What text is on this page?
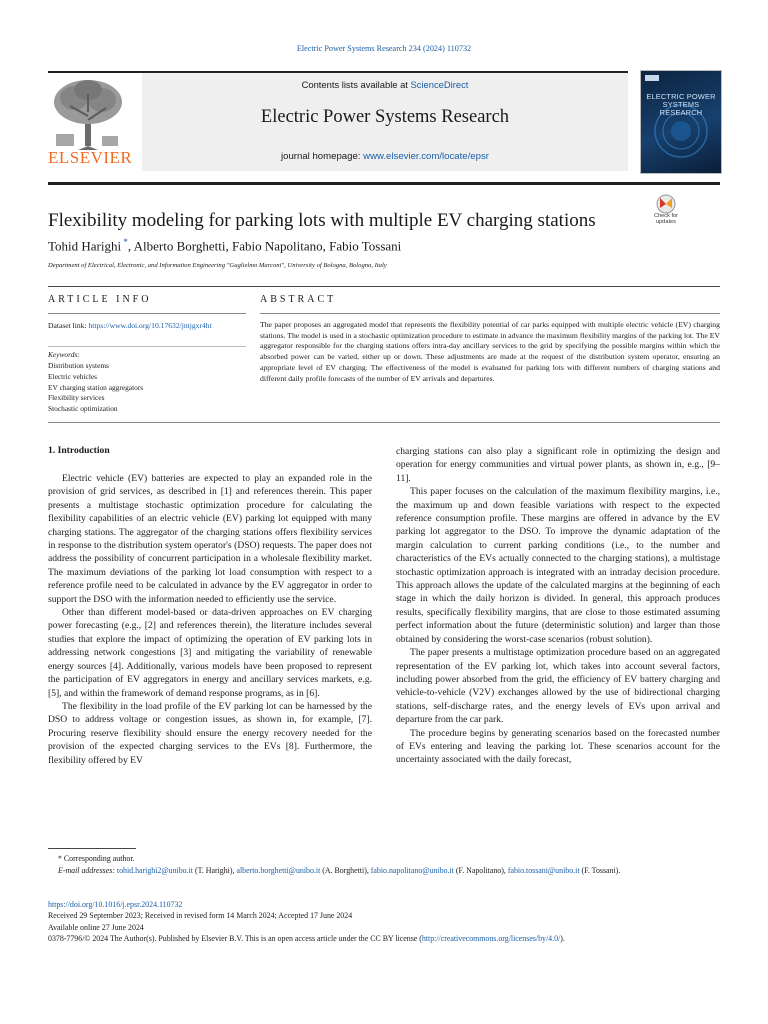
Electric Power Systems Research 234 (2024) 110732
Contents lists available at ScienceDirect
Electric Power Systems Research
journal homepage: www.elsevier.com/locate/epsr
ELSEVIER
ELECTRIC POWER SYSTEMS RESEARCH
Flexibility modeling for parking lots with multiple EV charging stations	Check for updates
Tohid Harighi *, Alberto Borghetti, Fabio Napolitano, Fabio Tossani
Department of Electrical, Electronic, and Information Engineering "Guglielmo Marconi", University of Bologna, Bologna, Italy
ARTICLE INFO	ABSTRACT
Dataset link: https://www.doi.org/10.17632/jntjgxr4ht
Keywords:
Distribution systems
Electric vehicles
EV charging station aggregators
Flexibility services
Stochastic optimization
The paper proposes an aggregated model that represents the flexibility potential of car parks equipped with multiple electric vehicle (EV) charging stations. The model is used in a stochastic optimization procedure to estimate in advance the maximum flexibility margins of the parking lot. The EV aggregator responsible for the charging stations offers intra-day ancillary services to the grid by specifying the possible margins within which the absorbed power can be varied, either up or down. These adjustments are made at the request of the distribution system operator, ensuring an appropriate level of EV charging. The effectiveness of the model is evaluated for parking lots with different numbers of charging stations and different daily profile forecasts of the number of EV arrivals and departures.
1. Introduction

Electric vehicle (EV) batteries are expected to play an expanded role in the provision of grid services, as described in [1] and references therein. This paper presents a multistage stochastic optimization procedure for calculating the flexibility capabilities of an electric vehicle (EV) parking lot equipped with many charging stations. The aggregator of the charging stations offers flexibility services in response to the distribution system operator's (DSO) requests. The paper does not address the possibility of concurrent participation in a wholesale flexibility market. The maximum deviations of the parking lot load consumption with respect to a reference profile need to be calculated in advance by the EV aggregator in order to support the DSO with the information needed to efficiently use the service.

Other than different model-based or data-driven approaches on EV charging power forecasting (e.g., [2] and references therein), the literature includes several studies that explore the impact of optimizing the operation of EV parking lots in addressing network congestions [3] and mitigating the variability of renewable energy sources [4]. Additionally, various models have been proposed to represent the participation of EV aggregators in energy and ancillary services markets, e.g. [5], and within the framework of demand response programs, as in [6].

The flexibility in the load profile of the EV parking lot can be harnessed by the DSO to address voltage or congestion issues, as shown in, for example, [7]. Procuring reserve flexibility should ensure the energy recovery needed for the provision of the expected charging services to the EVs [8]. Furthermore, the flexibility offered by EV

charging stations can also play a significant role in optimizing the design and operation for energy communities and virtual power plants, as shown in, e.g., [9–11].

This paper focuses on the calculation of the maximum flexibility margins, i.e., the maximum up and down feasible variations with respect to the expected reference consumption profile. These margins are offered in advance by the EV parking lot aggregator to the DSO. To improve the dynamic adaptation of the margin calculation to current parking conditions (i.e., to the number and characteristics of the EVs actually connected to the charging stations), a multistage stochastic optimization approach is integrated with an intraday decision procedure. This approach allows the update of the calculated margins at the beginning of each stage in which the daily horizon is divided. In general, this approach produces results, specifically flexibility margins, that are close to those estimated assuming perfect information about the future (deterministic solution) and larger than those obtained by considering the worst-case scenarios (robust solution).

The paper presents a multistage optimization procedure based on an aggregated representation of the EV parking lot, which takes into account several factors, including power absorbed from the grid, the efficiency of EV battery charging and vehicle-to-vehicle (V2V) exchanges allowed by the use of bidirectional charging stations, self-discharge rates, and the energy levels of EVs upon arrival and departure from the car park.

The procedure begins by generating scenarios based on the forecasted number of EVs entering and leaving the parking lot. These scenarios account for the uncertainty associated with the daily forecast,

* Corresponding author.
E-mail addresses: tohid.harighi2@unibo.it (T. Harighi), alberto.borghetti@unibo.it (A. Borghetti), fabio.napolitano@unibo.it (F. Napolitano), fabio.tossani@unibo.it (F. Tossani).
https://doi.org/10.1016/j.epsr.2024.110732
Received 29 September 2023; Received in revised form 14 March 2024; Accepted 17 June 2024
Available online 27 June 2024
0378-7796/© 2024 The Author(s). Published by Elsevier B.V. This is an open access article under the CC BY license (http://creativecommons.org/licenses/by/4.0/).
